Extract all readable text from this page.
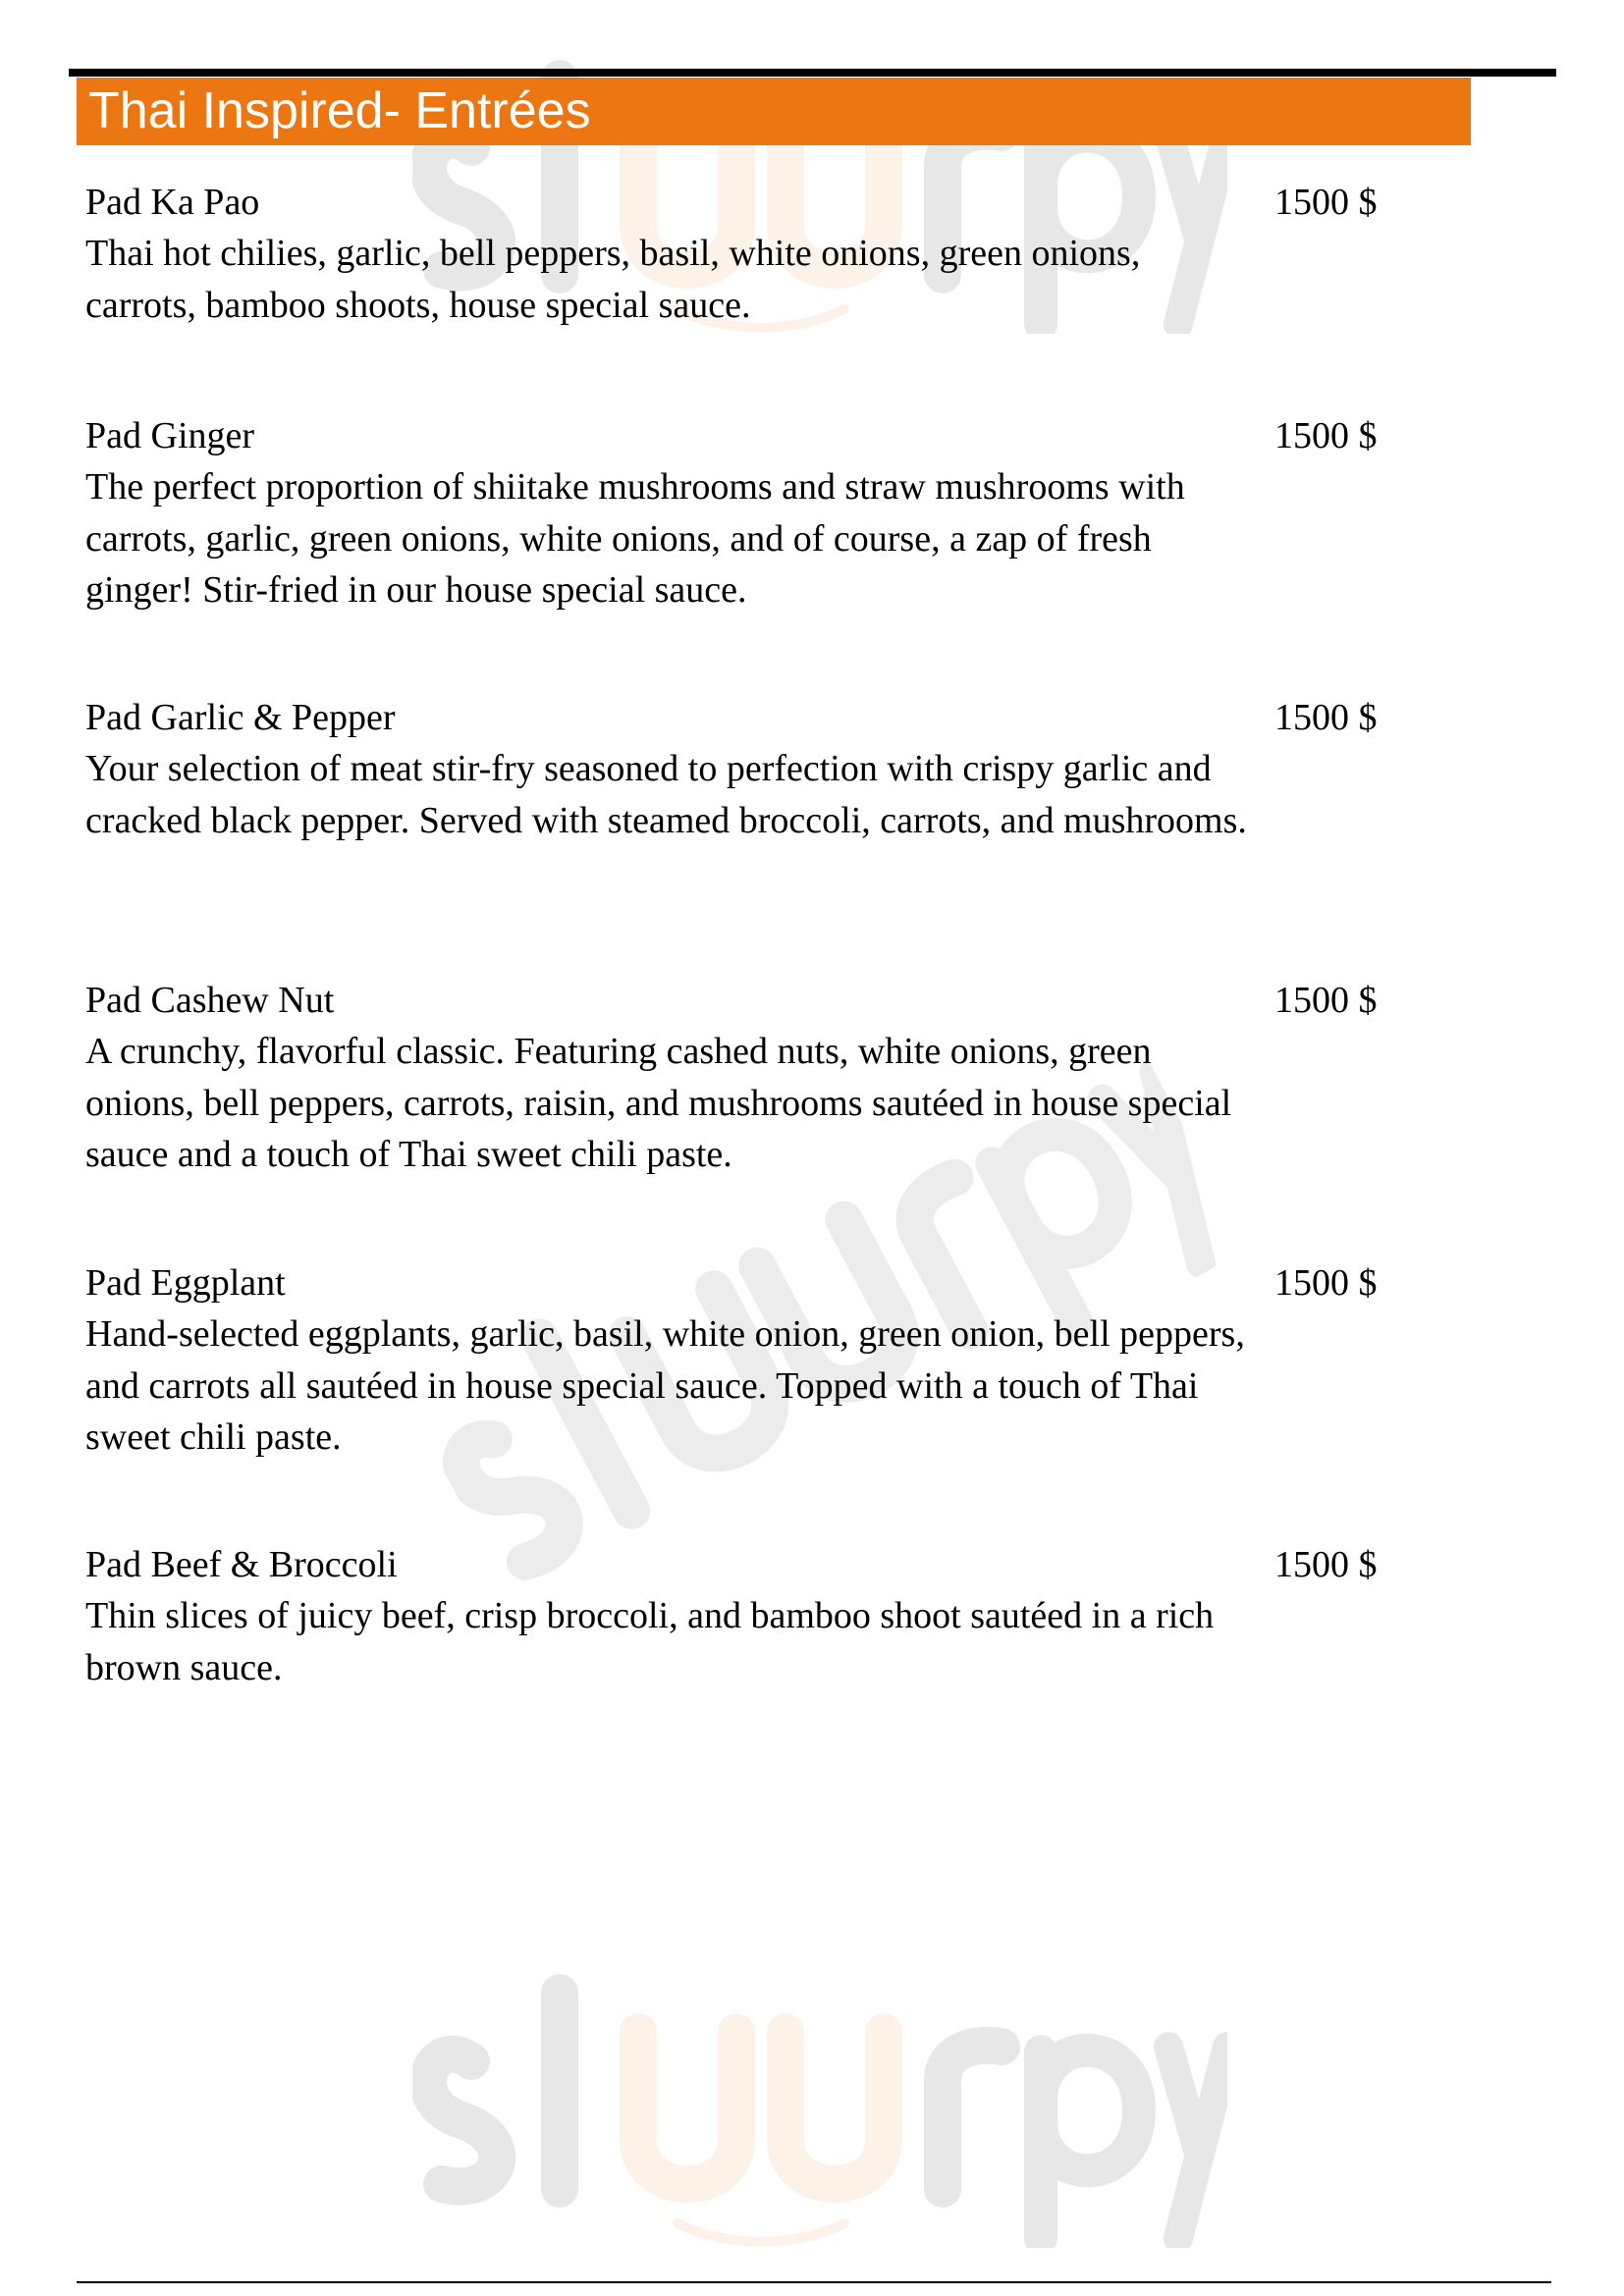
Thai Inspired- Entrées
Pad Ka Pao	1500 $
Thai hot chilies, garlic, bell peppers, basil, white onions, green onions, carrots, bamboo shoots, house special sauce.
Pad Ginger	1500 $
The perfect proportion of shiitake mushrooms and straw mushrooms with carrots, garlic, green onions, white onions, and of course, a zap of fresh ginger! Stir-fried in our house special sauce.
Pad Garlic & Pepper	1500 $
Your selection of meat stir-fry seasoned to perfection with crispy garlic and cracked black pepper. Served with steamed broccoli, carrots, and mushrooms.
Pad Cashew Nut	1500 $
A crunchy, flavorful classic. Featuring cashed nuts, white onions, green onions, bell peppers, carrots, raisin, and mushrooms sautéed in house special sauce and a touch of Thai sweet chili paste.
Pad Eggplant	1500 $
Hand-selected eggplants, garlic, basil, white onion, green onion, bell peppers, and carrots all sautéed in house special sauce. Topped with a touch of Thai sweet chili paste.
Pad Beef & Broccoli	1500 $
Thin slices of juicy beef, crisp broccoli, and bamboo shoot sautéed in a rich brown sauce.
